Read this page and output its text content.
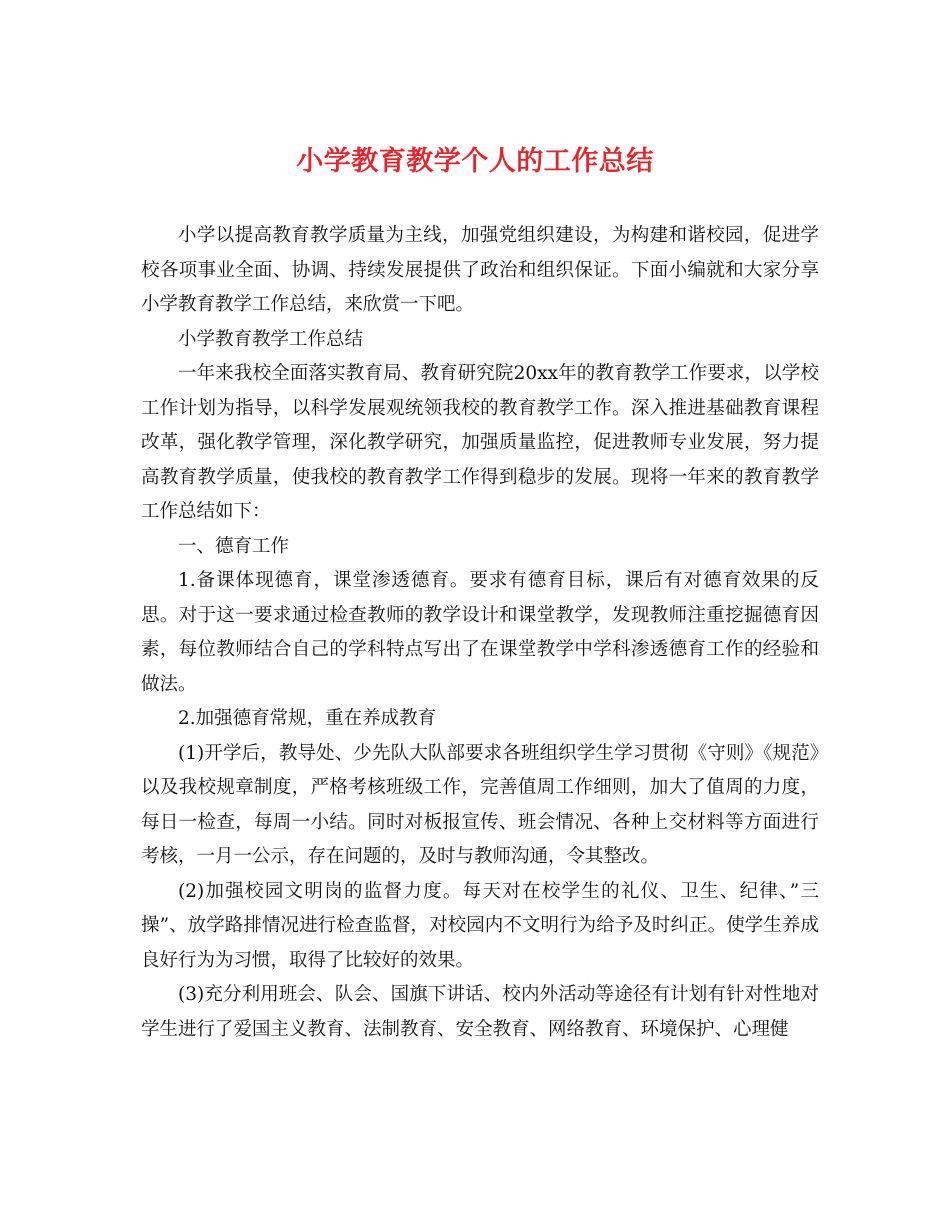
小学教育教学个人的工作总结

小学以提高教育教学质量为主线，加强党组织建设，为构建和谐校园，促进学校各项事业全面、协调、持续发展提供了政治和组织保证。下面小编就和大家分享小学教育教学工作总结，来欣赏一下吧。

小学教育教学工作总结

一年来我校全面落实教育局、教育研究院20xx年的教育教学工作要求，以学校工作计划为指导，以科学发展观统领我校的教育教学工作。深入推进基础教育课程改革，强化教学管理，深化教学研究，加强质量监控，促进教师专业发展，努力提高教育教学质量，使我校的教育教学工作得到稳步的发展。现将一年来的教育教学工作总结如下：

一、德育工作

1.备课体现德育，课堂渗透德育。要求有德育目标，课后有对德育效果的反思。对于这一要求通过检查教师的教学设计和课堂教学，发现教师注重挖掘德育因素，每位教师结合自己的学科特点写出了在课堂教学中学科渗透德育工作的经验和做法。

2.加强德育常规，重在养成教育

(1)开学后，教导处、少先队大队部要求各班组织学生学习贯彻《守则》《规范》以及我校规章制度，严格考核班级工作，完善值周工作细则，加大了值周的力度，每日一检查，每周一小结。同时对板报宣传、班会情况、各种上交材料等方面进行考核，一月一公示，存在问题的，及时与教师沟通，令其整改。

(2)加强校园文明岗的监督力度。每天对在校学生的礼仪、卫生、纪律、”三操”、放学路排情况进行检查监督，对校园内不文明行为给予及时纠正。使学生养成良好行为为习惯，取得了比较好的效果。

(3)充分利用班会、队会、国旗下讲话、校内外活动等途径有计划有针对性地对学生进行了爱国主义教育、法制教育、安全教育、网络教育、环境保护、心理健
